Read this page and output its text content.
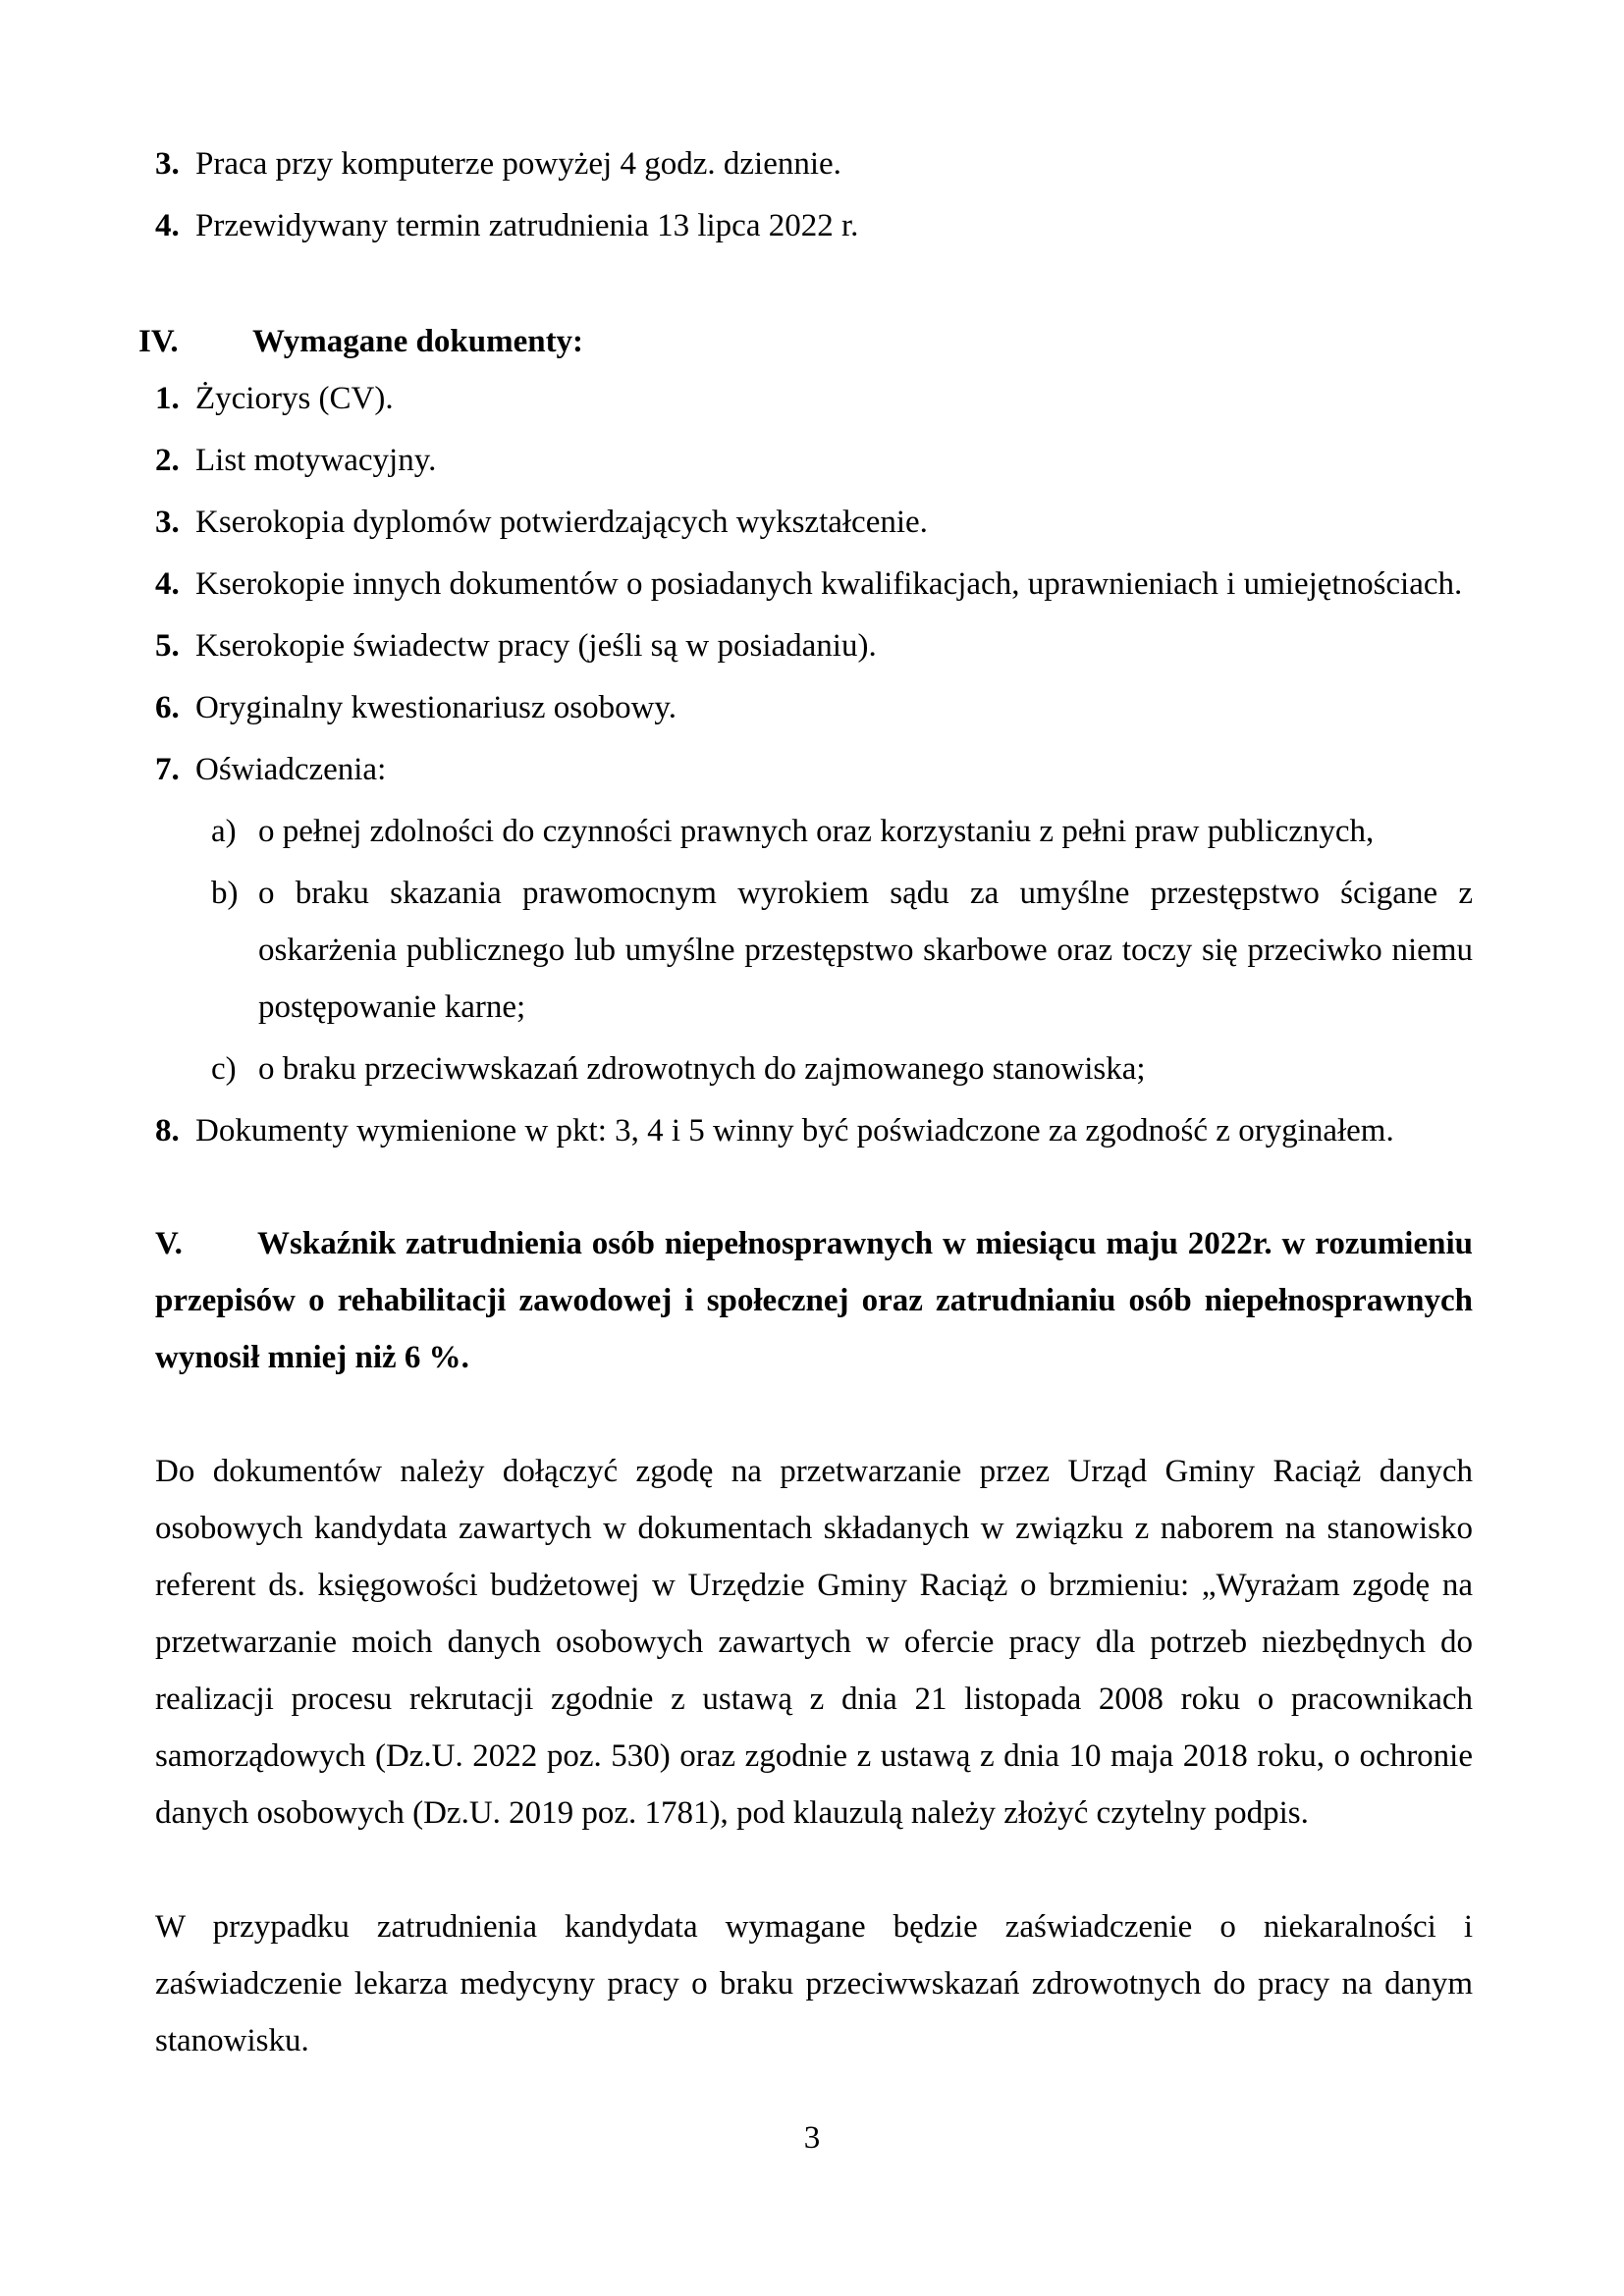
3. Praca przy komputerze powyżej 4 godz. dziennie.
4. Przewidywany termin zatrudnienia 13 lipca 2022 r.
IV. Wymagane dokumenty:
1. Życiorys (CV).
2. List motywacyjny.
3. Kserokopia dyplomów potwierdzających wykształcenie.
4. Kserokopie innych dokumentów o posiadanych kwalifikacjach, uprawnieniach i umiejętnościach.
5. Kserokopie świadectw pracy (jeśli są w posiadaniu).
6. Oryginalny kwestionariusz osobowy.
7. Oświadczenia:
a) o pełnej zdolności do czynności prawnych oraz korzystaniu z pełni praw publicznych,
b) o braku skazania prawomocnym wyrokiem sądu za umyślne przestępstwo ścigane z oskarżenia publicznego lub umyślne przestępstwo skarbowe oraz toczy się przeciwko niemu postępowanie karne;
c) o braku przeciwwskazań zdrowotnych do zajmowanego stanowiska;
8. Dokumenty wymienione w pkt: 3, 4 i 5 winny być poświadczone za zgodność z oryginałem.

V. Wskaźnik zatrudnienia osób niepełnosprawnych w miesiącu maju 2022r. w rozumieniu przepisów o rehabilitacji zawodowej i społecznej oraz zatrudnianiu osób niepełnosprawnych wynosił mniej niż 6 %.

Do dokumentów należy dołączyć zgodę na przetwarzanie przez Urząd Gminy Raciąż danych osobowych kandydata zawartych w dokumentach składanych w związku z naborem na stanowisko referent ds. księgowości budżetowej w Urzędzie Gminy Raciąż o brzmieniu: „Wyrażam zgodę na przetwarzanie moich danych osobowych zawartych w ofercie pracy dla potrzeb niezbędnych do realizacji procesu rekrutacji zgodnie z ustawą z dnia 21 listopada 2008 roku o pracownikach samorządowych (Dz.U. 2022 poz. 530) oraz zgodnie z ustawą z dnia 10 maja 2018 roku, o ochronie danych osobowych (Dz.U. 2019 poz. 1781), pod klauzulą należy złożyć czytelny podpis.

W przypadku zatrudnienia kandydata wymagane będzie zaświadczenie o niekaralności i zaświadczenie lekarza medycyny pracy o braku przeciwwskazań zdrowotnych do pracy na danym stanowisku.

3
